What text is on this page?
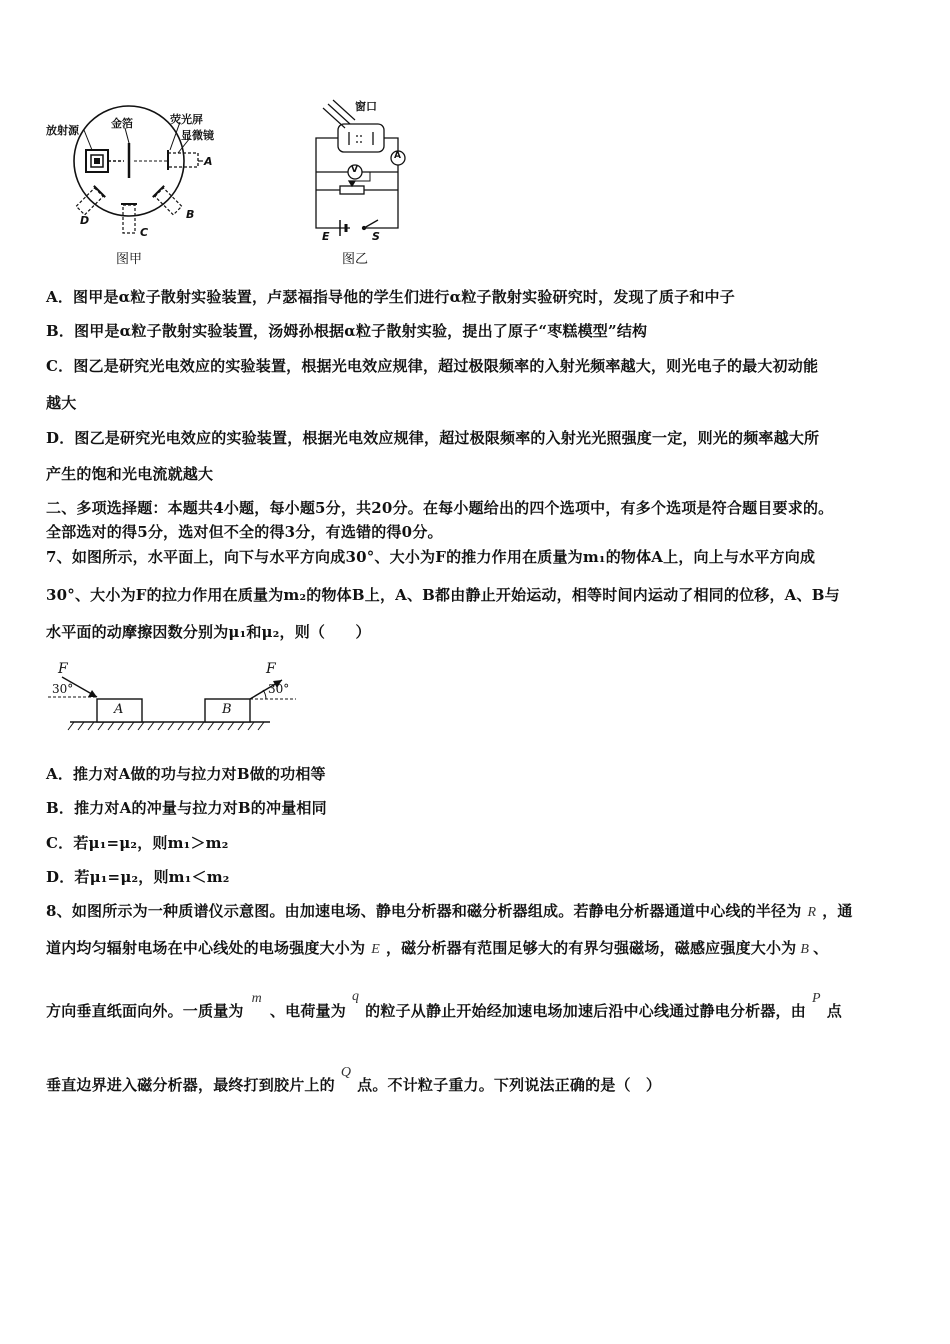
放射源
金箔	荧光屏
显微镜
A
B
C
D
图甲
窗口
A
V
E	S
图乙
A．图甲是α粒子散射实验装置，卢瑟福指导他的学生们进行α粒子散射实验研究时，发现了质子和中子
B．图甲是α粒子散射实验装置，汤姆孙根据α粒子散射实验，提出了原子“枣糕模型”结构
C．图乙是研究光电效应的实验装置，根据光电效应规律，超过极限频率的入射光频率越大，则光电子的最大初动能
越大
D．图乙是研究光电效应的实验装置，根据光电效应规律，超过极限频率的入射光光照强度一定，则光的频率越大所
产生的饱和光电流就越大
二、多项选择题：本题共4小题，每小题5分，共20分。在每小题给出的四个选项中，有多个选项是符合题目要求的。
全部选对的得5分，选对但不全的得3分，有选错的得0分。
7、如图所示，水平面上，向下与水平方向成30°、大小为F的推力作用在质量为m₁的物体A上，向上与水平方向成
30°、大小为F的拉力作用在质量为m₂的物体B上，A、B都由静止开始运动，相等时间内运动了相同的位移，A、B与
水平面的动摩擦因数分别为μ₁和μ₂，则（　　）
F
30°
A
F
30°
B
A．推力对A做的功与拉力对B做的功相等
B．推力对A的冲量与拉力对B的冲量相同
C．若μ₁=μ₂，则m₁＞m₂
D．若μ₁=μ₂，则m₁＜m₂
8、如图所示为一种质谱仪示意图。由加速电场、静电分析器和磁分析器组成。若静电分析器通道中心线的半径为 R ，通
道内均匀辐射电场在中心线处的电场强度大小为 E ，磁分析器有范围足够大的有界匀强磁场，磁感应强度大小为 B 、
方向垂直纸面向外。一质量为m、电荷量为q的粒子从静止开始经加速电场加速后沿中心线通过静电分析器，由P点
垂直边界进入磁分析器，最终打到胶片上的Q点。不计粒子重力。下列说法正确的是（　）
